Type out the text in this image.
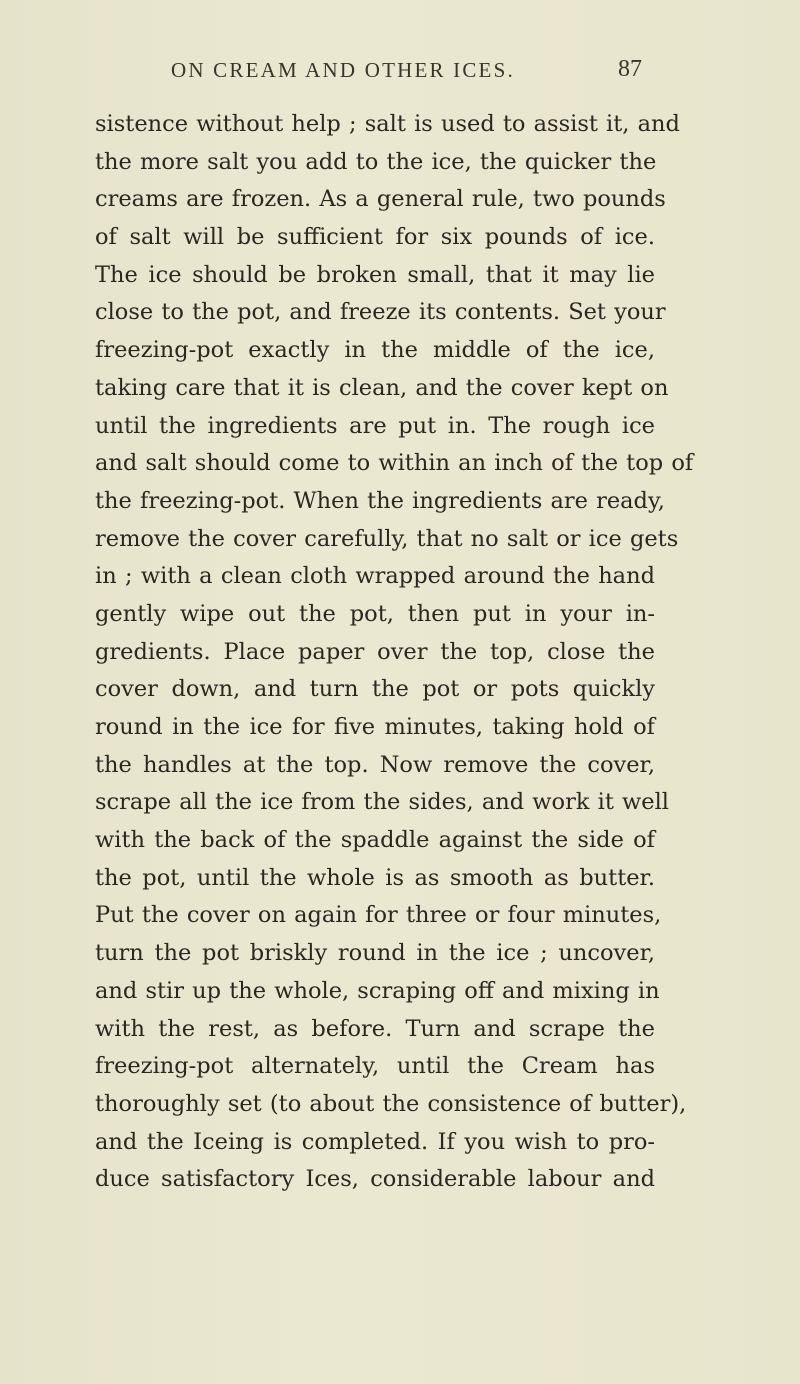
ON CREAM AND OTHER ICES.	87
sistence without help ; salt is used to assist it, and
the more salt you add to the ice, the quicker the
creams are frozen. As a general rule, two pounds
of salt will be sufficient for six pounds of ice.
The ice should be broken small, that it may lie
close to the pot, and freeze its contents. Set your
freezing-pot exactly in the middle of the ice,
taking care that it is clean, and the cover kept on
until the ingredients are put in. The rough ice
and salt should come to within an inch of the top of
the freezing-pot. When the ingredients are ready,
remove the cover carefully, that no salt or ice gets
in ; with a clean cloth wrapped around the hand
gently wipe out the pot, then put in your in-
gredients. Place paper over the top, close the
cover down, and turn the pot or pots quickly
round in the ice for five minutes, taking hold of
the handles at the top. Now remove the cover,
scrape all the ice from the sides, and work it well
with the back of the spaddle against the side of
the pot, until the whole is as smooth as butter.
Put the cover on again for three or four minutes,
turn the pot briskly round in the ice ; uncover,
and stir up the whole, scraping off and mixing in
with the rest, as before. Turn and scrape the
freezing-pot alternately, until the Cream has
thoroughly set (to about the consistence of butter),
and the Iceing is completed. If you wish to pro-
duce satisfactory Ices, considerable labour and
